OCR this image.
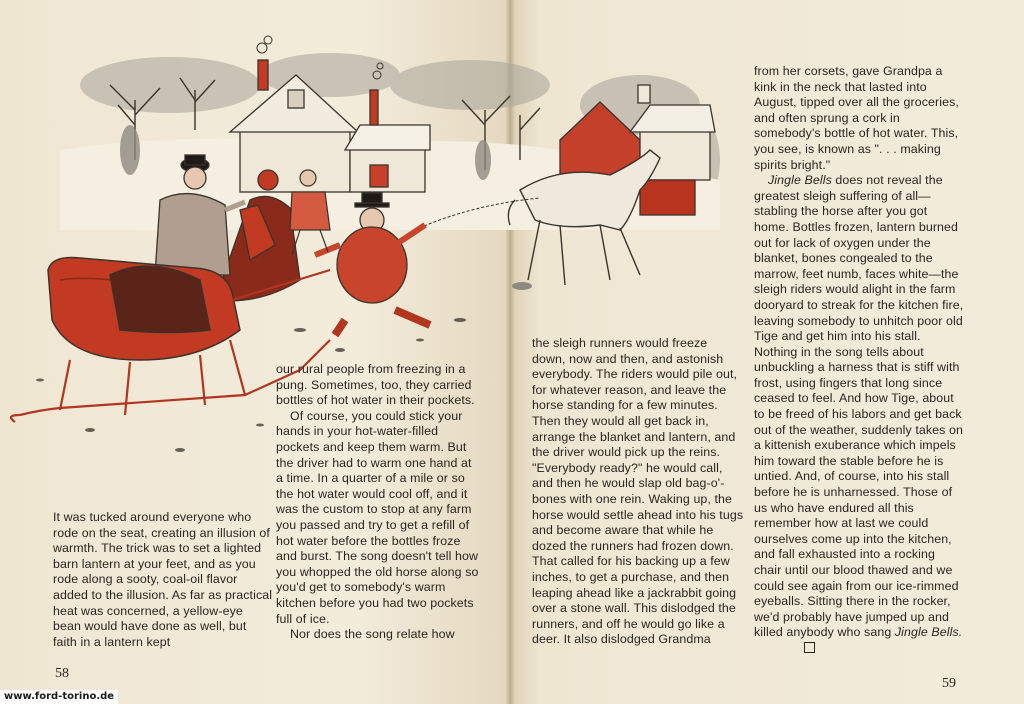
It was tucked around everyone who rode on the seat, creating an illusion of warmth. The trick was to set a lighted barn lantern at your feet, and as you rode along a sooty, coal-oil flavor added to the illusion. As far as practical heat was concerned, a yellow-eye bean would have done as well, but faith in a lantern kept

our rural people from freezing in a pung. Sometimes, too, they carried bottles of hot water in their pockets.

Of course, you could stick your hands in your hot-water-filled pockets and keep them warm. But the driver had to warm one hand at a time. In a quarter of a mile or so the hot water would cool off, and it was the custom to stop at any farm you passed and try to get a refill of hot water before the bottles froze and burst. The song doesn't tell how you whopped the old horse along so you'd get to somebody's warm kitchen before you had two pockets full of ice.

Nor does the song relate how

the sleigh runners would freeze down, now and then, and astonish everybody. The riders would pile out, for whatever reason, and leave the horse standing for a few minutes. Then they would all get back in, arrange the blanket and lantern, and the driver would pick up the reins. "Everybody ready?" he would call, and then he would slap old bag-o'-bones with one rein. Waking up, the horse would settle ahead into his tugs and become aware that while he dozed the runners had frozen down. That called for his backing up a few inches, to get a purchase, and then leaping ahead like a jackrabbit going over a stone wall. This dislodged the runners, and off he would go like a deer. It also dislodged Grandma

from her corsets, gave Grandpa a kink in the neck that lasted into August, tipped over all the groceries, and often sprung a cork in somebody's bottle of hot water. This, you see, is known as ". . . making spirits bright."

Jingle Bells does not reveal the greatest sleigh suffering of all—stabling the horse after you got home. Bottles frozen, lantern burned out for lack of oxygen under the blanket, bones congealed to the marrow, feet numb, faces white—the sleigh riders would alight in the farm dooryard to streak for the kitchen fire, leaving somebody to unhitch poor old Tige and get him into his stall. Nothing in the song tells about unbuckling a harness that is stiff with frost, using fingers that long since ceased to feel. And how Tige, about to be freed of his labors and get back out of the weather, suddenly takes on a kittenish exuberance which impels him toward the stable before he is untied. And, of course, into his stall before he is unharnessed. Those of us who have endured all this remember how at last we could ourselves come up into the kitchen, and fall exhausted into a rocking chair until our blood thawed and we could see again from our ice-rimmed eyeballs. Sitting there in the rocker, we'd probably have jumped up and killed anybody who sang Jingle Bells.

58
59
www.ford-torino.de
